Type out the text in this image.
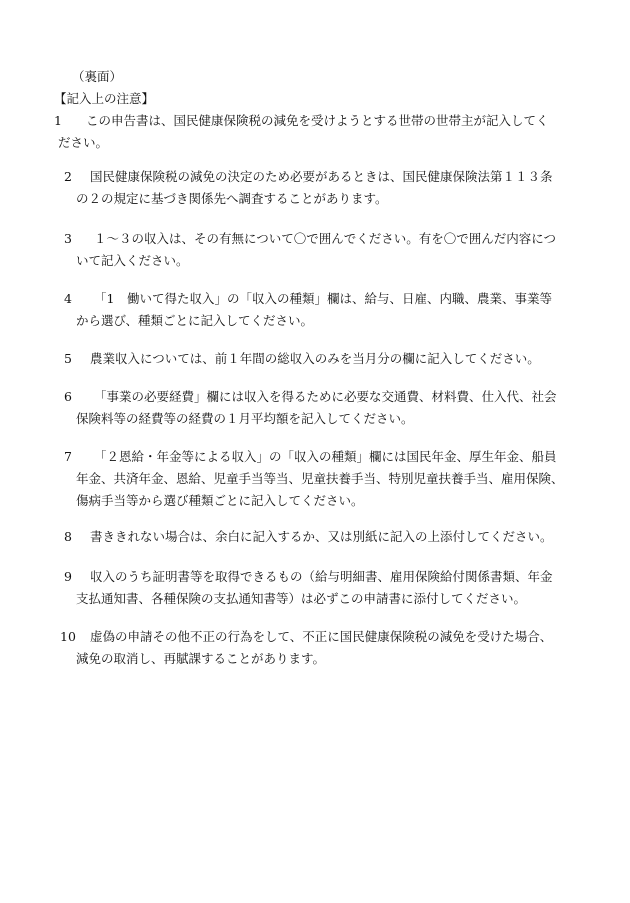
（裏面）
【記入上の注意】
1 この申告書は、国民健康保険税の減免を受けようとする世帯の世帯主が記入してく
ださい。
2 国民健康保険税の減免の決定のため必要があるときは、国民健康保険法第１１３条
の２の規定に基づき関係先へ調査することがあります。
3 １～３の収入は、その有無について〇で囲んでください。有を〇で囲んだ内容につ
いて記入ください。
4 「1　働いて得た収入」の「収入の種類」欄は、給与、日雇、内職、農業、事業等
から選び、種類ごとに記入してください。
5 農業収入については、前１年間の総収入のみを当月分の欄に記入してください。
6 「事業の必要経費」欄には収入を得るために必要な交通費、材料費、仕入代、社会
保険料等の経費等の経費の１月平均額を記入してください。
7 「２恩給・年金等による収入」の「収入の種類」欄には国民年金、厚生年金、船員
年金、共済年金、恩給、児童手当等当、児童扶養手当、特別児童扶養手当、雇用保険、
傷病手当等から選び種類ごとに記入してください。
8 書ききれない場合は、余白に記入するか、又は別紙に記入の上添付してください。
9 収入のうち証明書等を取得できるもの（給与明細書、雇用保険給付関係書類、年金
支払通知書、各種保険の支払通知書等）は必ずこの申請書に添付してください。
10 虚偽の申請その他不正の行為をして、不正に国民健康保険税の減免を受けた場合、
減免の取消し、再賦課することがあります。
